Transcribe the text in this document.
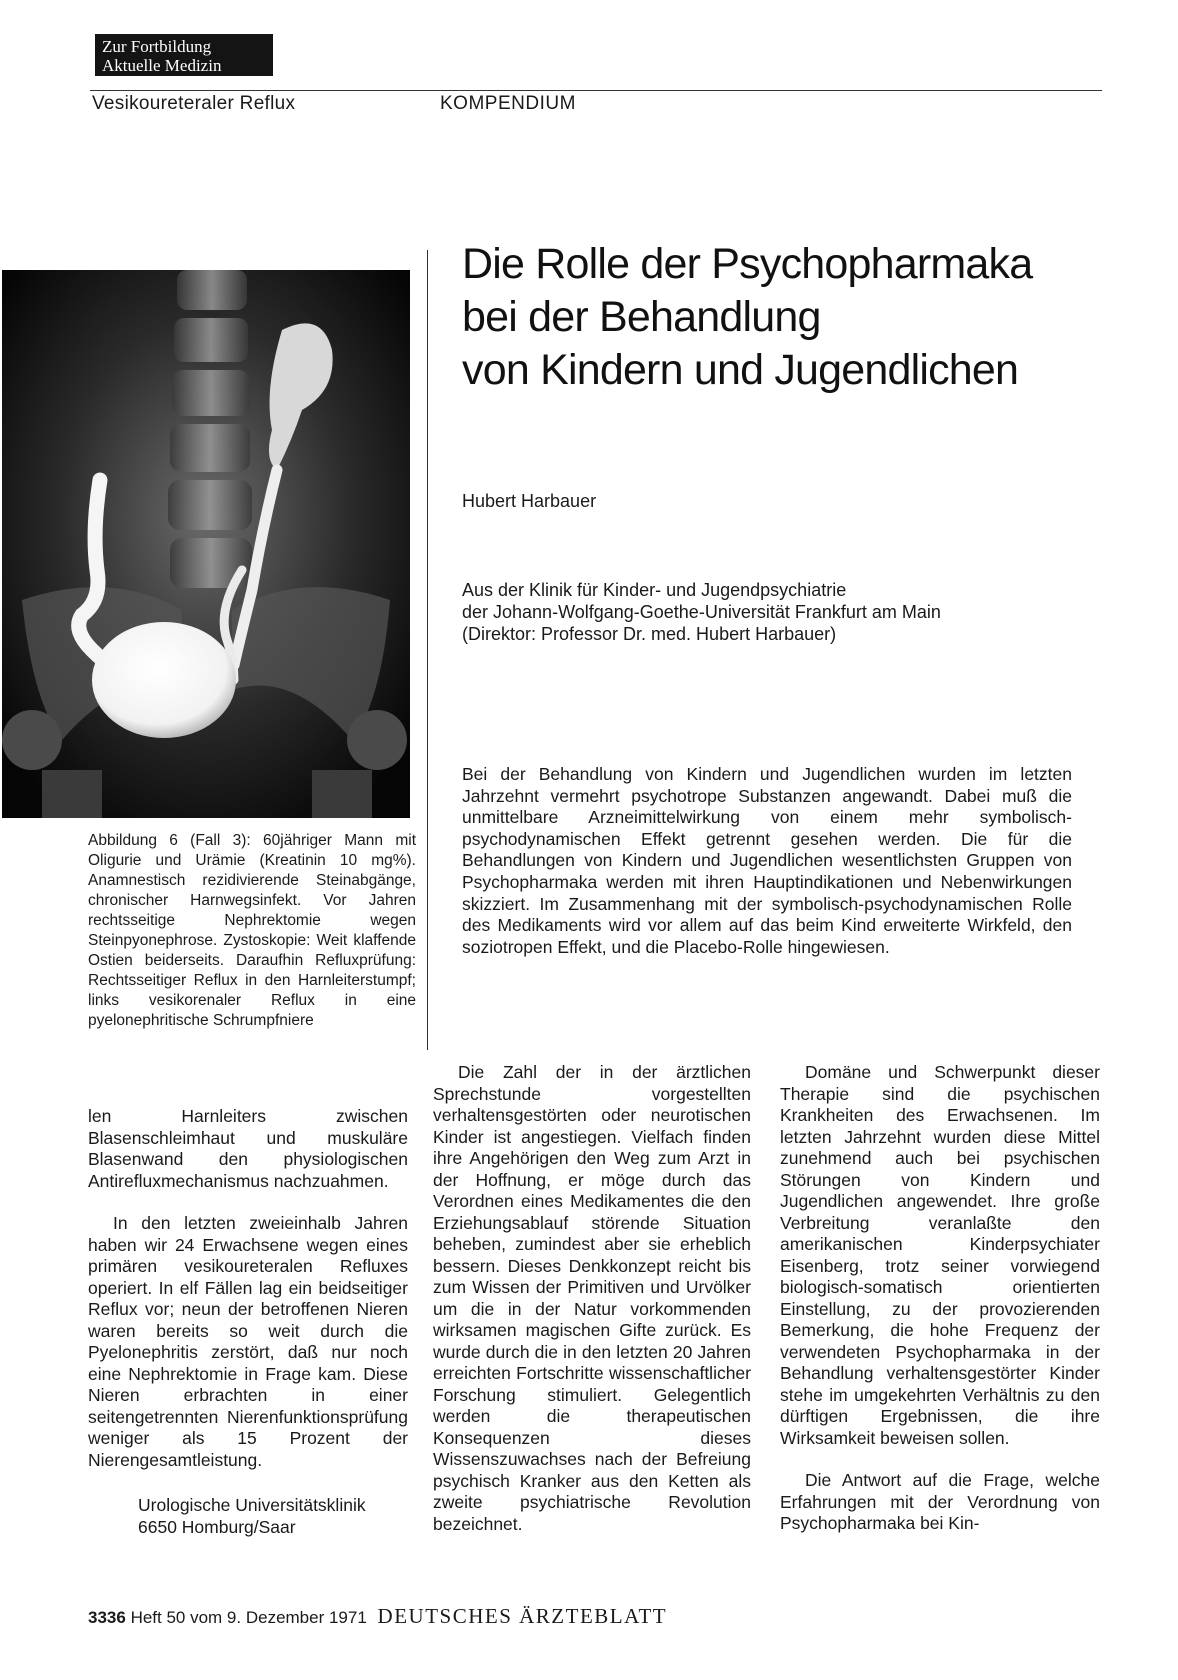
Zur Fortbildung
Aktuelle Medizin
Vesikoureteraler Reflux	KOMPENDIUM
Die Rolle der Psychopharmaka
bei der Behandlung
von Kindern und Jugendlichen
Hubert Harbauer
Aus der Klinik für Kinder- und Jugendpsychiatrie
der Johann-Wolfgang-Goethe-Universität Frankfurt am Main
(Direktor: Professor Dr. med. Hubert Harbauer)

Bei der Behandlung von Kindern und Jugendlichen wurden im letzten Jahrzehnt vermehrt psychotrope Substanzen angewandt. Dabei muß die unmittelbare Arzneimittelwirkung von einem mehr symbolisch-psychodynamischen Effekt getrennt gesehen werden. Die für die Behandlungen von Kindern und Jugendlichen wesentlichsten Gruppen von Psychopharmaka werden mit ihren Hauptindikationen und Nebenwirkungen skizziert. Im Zusammenhang mit der symbolisch-psychodynamischen Rolle des Medikaments wird vor allem auf das beim Kind erweiterte Wirkfeld, den soziotropen Effekt, und die Placebo-Rolle hingewiesen.

Abbildung 6 (Fall 3): 60jähriger Mann mit Oligurie und Urämie (Kreatinin 10 mg%). Anamnestisch rezidivierende Steinabgänge, chronischer Harnwegsinfekt. Vor Jahren rechtsseitige Nephrektomie wegen Steinpyonephrose. Zystoskopie: Weit klaffende Ostien beiderseits. Daraufhin Refluxprüfung: Rechtsseitiger Reflux in den Harnleiterstumpf; links vesikorenaler Reflux in eine pyelonephritische Schrumpfniere

len Harnleiters zwischen Blasenschleimhaut und muskuläre Blasenwand den physiologischen Antirefluxmechanismus nachzuahmen.

In den letzten zweieinhalb Jahren haben wir 24 Erwachsene wegen eines primären vesikoureteralen Refluxes operiert. In elf Fällen lag ein beidseitiger Reflux vor; neun der betroffenen Nieren waren bereits so weit durch die Pyelonephritis zerstört, daß nur noch eine Nephrektomie in Frage kam. Diese Nieren erbrachten in einer seitengetrennten Nierenfunktionsprüfung weniger als 15 Prozent der Nierengesamtleistung.

Urologische Universitätsklinik
6650 Homburg/Saar

Die Zahl der in der ärztlichen Sprechstunde vorgestellten verhaltensgestörten oder neurotischen Kinder ist angestiegen. Vielfach finden ihre Angehörigen den Weg zum Arzt in der Hoffnung, er möge durch das Verordnen eines Medikamentes die den Erziehungsablauf störende Situation beheben, zumindest aber sie erheblich bessern. Dieses Denkkonzept reicht bis zum Wissen der Primitiven und Urvölker um die in der Natur vorkommenden wirksamen magischen Gifte zurück. Es wurde durch die in den letzten 20 Jahren erreichten Fortschritte wissenschaftlicher Forschung stimuliert. Gelegentlich werden die therapeutischen Konsequenzen dieses Wissenszuwachses nach der Befreiung psychisch Kranker aus den Ketten als zweite psychiatrische Revolution bezeichnet.

Domäne und Schwerpunkt dieser Therapie sind die psychischen Krankheiten des Erwachsenen. Im letzten Jahrzehnt wurden diese Mittel zunehmend auch bei psychischen Störungen von Kindern und Jugendlichen angewendet. Ihre große Verbreitung veranlaßte den amerikanischen Kinderpsychiater Eisenberg, trotz seiner vorwiegend biologisch-somatisch orientierten Einstellung, zu der provozierenden Bemerkung, die hohe Frequenz der verwendeten Psychopharmaka in der Behandlung verhaltensgestörter Kinder stehe im umgekehrten Verhältnis zu den dürftigen Ergebnissen, die ihre Wirksamkeit beweisen sollen.

Die Antwort auf die Frage, welche Erfahrungen mit der Verordnung von Psychopharmaka bei Kin-

3336 Heft 50 vom 9. Dezember 1971 DEUTSCHES ÄRZTEBLATT
